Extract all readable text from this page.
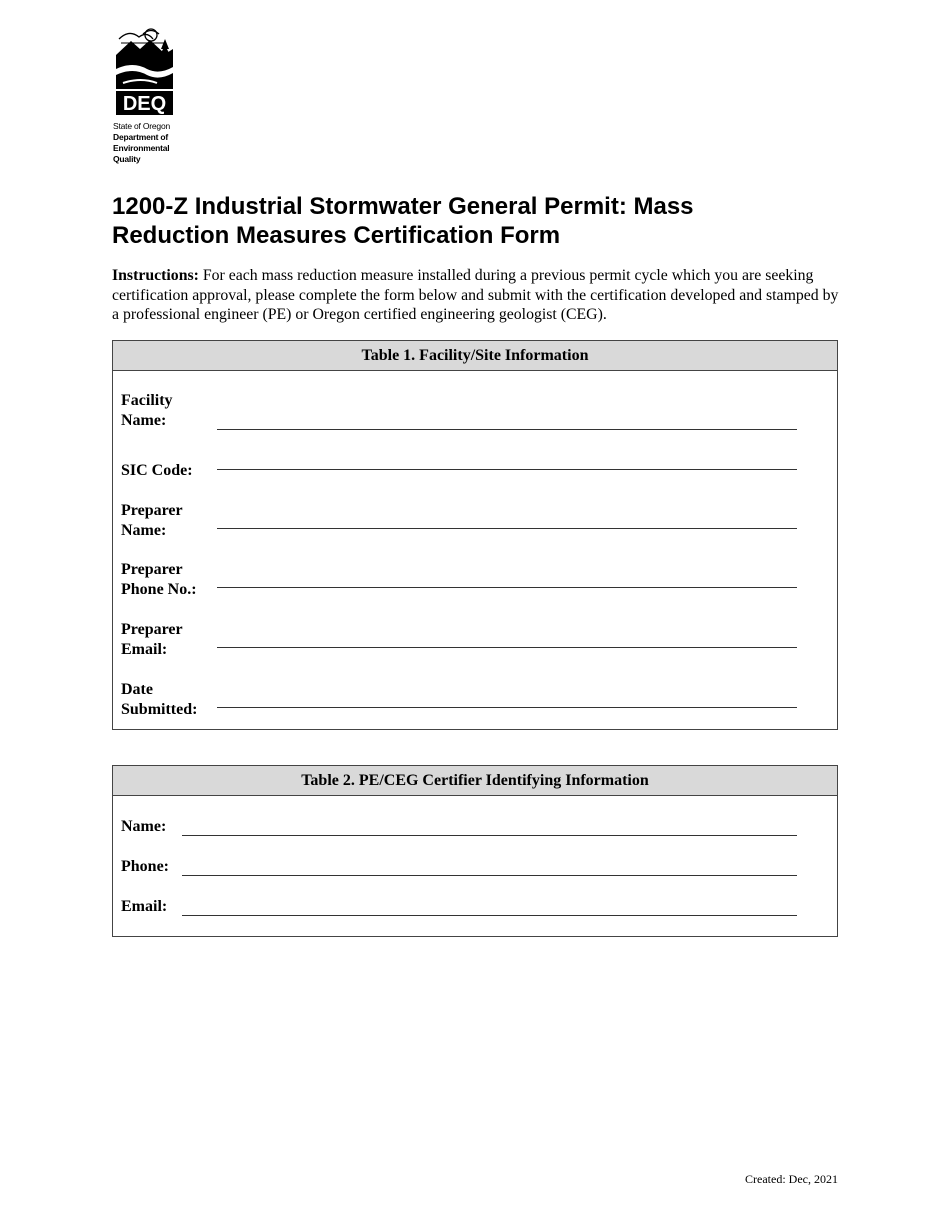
DEQ
State of Oregon
Department of
Environmental
Quality
1200-Z Industrial Stormwater General Permit: Mass
Reduction Measures Certification Form

Instructions: For each mass reduction measure installed during a previous permit cycle which you are seeking certification approval, please complete the form below and submit with the certification developed and stamped by a professional engineer (PE) or Oregon certified engineering geologist (CEG).

Table 1. Facility/Site Information
Facility
Name:
SIC Code:
Preparer
Name:
Preparer
Phone No.:
Preparer
Email:
Date
Submitted:
Table 2. PE/CEG Certifier Identifying Information
Name:
Phone:
Email:
Created: Dec, 2021
